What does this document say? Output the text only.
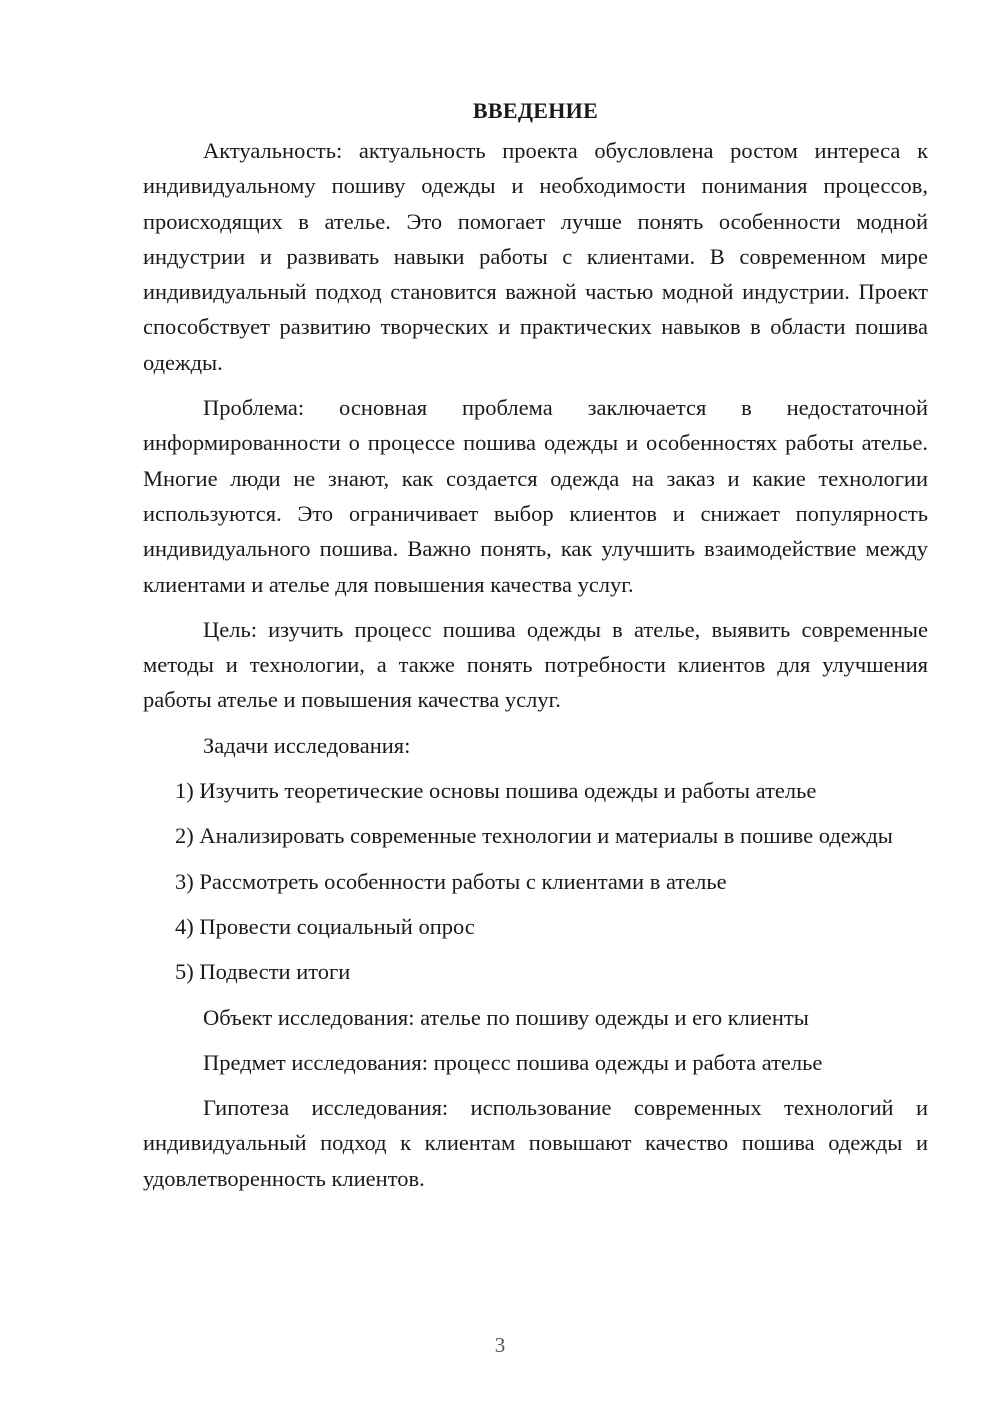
ВВЕДЕНИЕ

Актуальность: актуальность проекта обусловлена ростом интереса к индивидуальному пошиву одежды и необходимости понимания процессов, происходящих в ателье. Это помогает лучше понять особенности модной индустрии и развивать навыки работы с клиентами. В современном мире индивидуальный подход становится важной частью модной индустрии. Проект способствует развитию творческих и практических навыков в области пошива одежды.

Проблема: основная проблема заключается в недостаточной информированности о процессе пошива одежды и особенностях работы ателье. Многие люди не знают, как создается одежда на заказ и какие технологии используются. Это ограничивает выбор клиентов и снижает популярность индивидуального пошива. Важно понять, как улучшить взаимодействие между клиентами и ателье для повышения качества услуг.

Цель: изучить процесс пошива одежды в ателье, выявить современные методы и технологии, а также понять потребности клиентов для улучшения работы ателье и повышения качества услуг.

Задачи исследования:

1) Изучить теоретические основы пошива одежды и работы ателье

2) Анализировать современные технологии и материалы в пошиве одежды

3) Рассмотреть особенности работы с клиентами в ателье

4) Провести социальный опрос

5) Подвести итоги

Объект исследования: ателье по пошиву одежды и его клиенты

Предмет исследования: процесс пошива одежды и работа ателье

Гипотеза исследования: использование современных технологий и индивидуальный подход к клиентам повышают качество пошива одежды и удовлетворенность клиентов.

3
